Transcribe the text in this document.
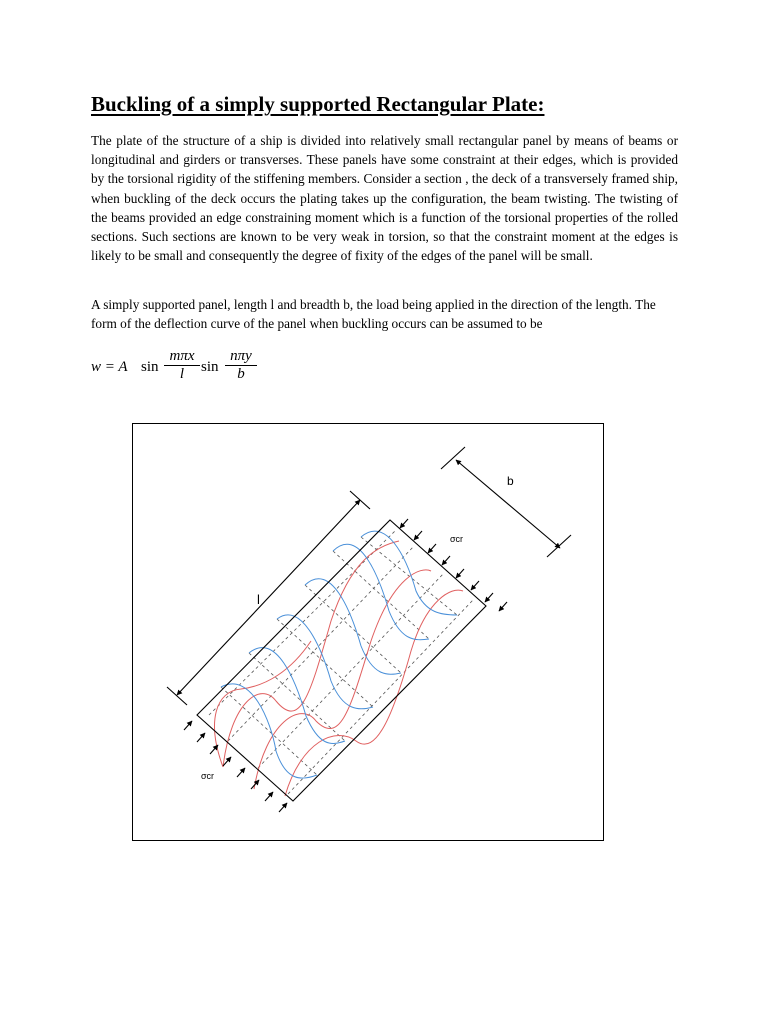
Buckling of a simply supported Rectangular Plate:

The plate of the structure of a ship is divided into relatively small rectangular panel by means of beams or longitudinal and girders or transverses. These panels have some constraint at their edges, which is provided by the torsional rigidity of the stiffening members. Consider a section , the deck of a transversely framed ship, when buckling of the deck occurs the plating takes up the configuration, the beam twisting. The twisting of the beams provided an edge constraining moment which is a function of the torsional properties of the rolled sections. Such sections are known to be very weak in torsion, so that the constraint moment at the edges is likely to be small and consequently the degree of fixity of the edges of the panel will be small.

A simply supported panel, length l and breadth b, the load being applied in the direction of the length. The form of the deflection curve of the panel when buckling occurs can be assumed to be

w = A sin
mπx
l	sin
nπy
b
l
b
σcr
σcr
